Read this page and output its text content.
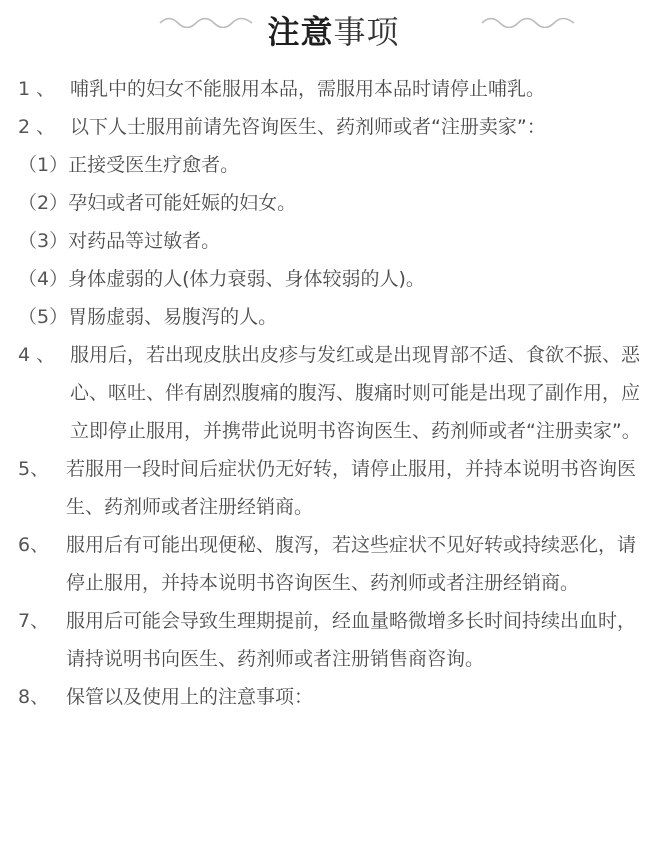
注意事项
1 、 哺乳中的妇女不能服用本品，需服用本品时请停止哺乳。
2 、 以下人士服用前请先咨询医生、药剂师或者“注册卖家”：
（1）正接受医生疗愈者。
（2）孕妇或者可能妊娠的妇女。
（3）对药品等过敏者。
（4）身体虚弱的人(体力衰弱、身体较弱的人)。
（5）胃肠虚弱、易腹泻的人。
4 、 服用后，若出现皮肤出皮疹与发红或是出现胃部不适、食欲不振、恶心、呕吐、伴有剧烈腹痛的腹泻、腹痛时则可能是出现了副作用，应立即停止服用，并携带此说明书咨询医生、药剂师或者“注册卖家”。
5、 若服用一段时间后症状仍无好转，请停止服用，并持本说明书咨询医生、药剂师或者注册经销商。
6、 服用后有可能出现便秘、腹泻，若这些症状不见好转或持续恶化，请停止服用，并持本说明书咨询医生、药剂师或者注册经销商。
7、 服用后可能会导致生理期提前，经血量略微增多长时间持续出血时，请持说明书向医生、药剂师或者注册销售商咨询。
8、 保管以及使用上的注意事项：
